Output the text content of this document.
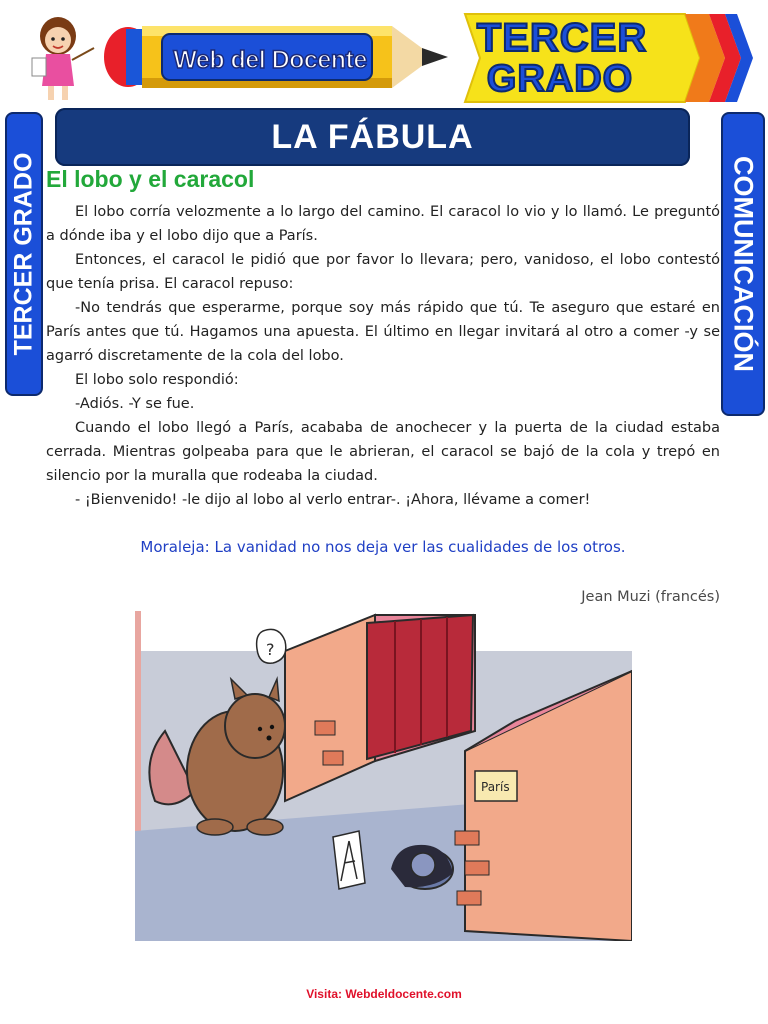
Web del Docente	TERCER
GRADO
TERCER GRADO	COMUNICACIÓN
LA FÁBULA
El lobo y el caracol

El lobo corría velozmente a lo largo del camino. El caracol lo vio y lo llamó. Le preguntó a dónde iba y el lobo dijo que a París.

Entonces, el caracol le pidió que por favor lo llevara; pero, vanidoso, el lobo contestó que tenía prisa. El caracol repuso:

-No tendrás que esperarme, porque soy más rápido que tú. Te aseguro que estaré en París antes que tú. Hagamos una apuesta. El último en llegar invitará al otro a comer -y se agarró discretamente de la cola del lobo.

El lobo solo respondió:

-Adiós. -Y se fue.

Cuando el lobo llegó a París, acababa de anochecer y la puerta de la ciudad estaba cerrada. Mientras golpeaba para que le abrieran, el caracol se bajó de la cola y trepó en silencio por la muralla que rodeaba la ciudad.

- ¡Bienvenido! -le dijo al lobo al verlo entrar-. ¡Ahora, llévame a comer!

Moraleja: La vanidad no nos deja ver las cualidades de los otros.
Jean Muzi (francés)
París
?
Visita: Webdeldocente.com
